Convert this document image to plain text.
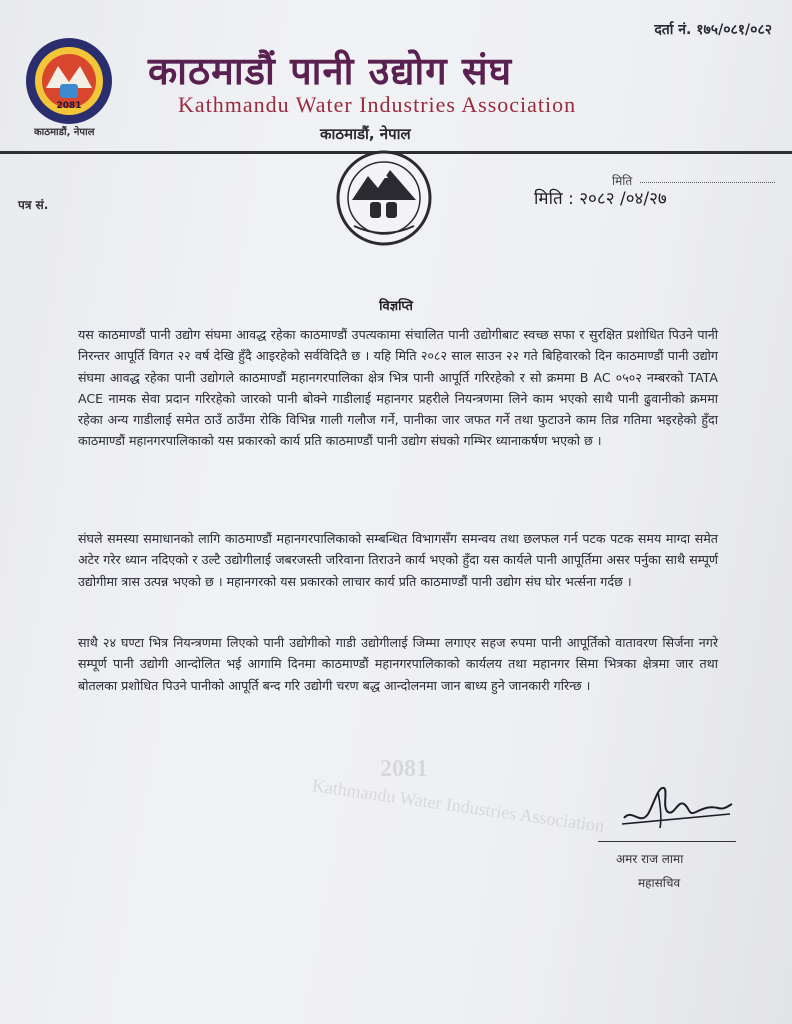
दर्ता नं. १७५/०८१/०८२
2081
काठमाडौं, नेपाल
काठमाडौं पानी उद्योग संघ
Kathmandu Water Industries Association
काठमाडौं, नेपाल
पत्र सं.
मिति
मिति : २०८२ /०४/२७
विज्ञप्ति
यस काठमाण्डौं पानी उद्योग संघमा आवद्ध रहेका काठमाण्डौं उपत्यकामा संचालित पानी उद्योगीबाट स्वच्छ सफा र सुरक्षित प्रशोधित पिउने पानी निरन्तर आपूर्ति विगत २२ वर्ष देखि हुँदै आइरहेको सर्वविदितै छ । यहि मिति २०८२ साल साउन २२ गते बिहिवारको दिन काठमाण्डौं पानी उद्योग संघमा आवद्ध रहेका पानी उद्योगले काठमाण्डौं महानगरपालिका क्षेत्र भित्र पानी आपूर्ति गरिरहेको र सो क्रममा B AC ०५०२ नम्बरको TATA ACE नामक सेवा प्रदान गरिरहेको जारको पानी बोक्ने गाडीलाई महानगर प्रहरीले नियन्त्रणमा लिने काम भएको साथै पानी ढुवानीको क्रममा रहेका अन्य गाडीलाई समेत ठाउँ ठाउँमा रोकि विभिन्न गाली गलौज गर्ने, पानीका जार जफत गर्ने तथा फुटाउने काम तिव्र गतिमा भइरहेको हुँदा काठमाण्डौं महानगरपालिकाको यस प्रकारको कार्य प्रति काठमाण्डौं पानी उद्योग संघको गम्भिर ध्यानाकर्षण भएको छ ।
संघले समस्या समाधानको लागि काठमाण्डौं महानगरपालिकाको सम्बन्धित विभागसँग समन्वय तथा छलफल गर्न पटक पटक समय माग्दा समेत अटेर गरेर ध्यान नदिएको र उल्टै उद्योगीलाई जबरजस्ती जरिवाना तिराउने कार्य भएको हुँदा यस कार्यले पानी आपूर्तिमा असर पर्नुका साथै सम्पूर्ण उद्योगीमा त्रास उत्पन्न भएको छ । महानगरको यस प्रकारको लाचार कार्य प्रति काठमाण्डौं पानी उद्योग संघ घोर भर्त्सना गर्दछ ।
साथै २४ घण्टा भित्र नियन्त्रणमा लिएको पानी उद्योगीको गाडी उद्योगीलाई जिम्मा लगाएर सहज रुपमा पानी आपूर्तिको वातावरण सिर्जना नगरे सम्पूर्ण पानी उद्योगी आन्दोलित भई आगामि दिनमा काठमाण्डौं महानगरपालिकाको कार्यलय तथा महानगर सिमा भित्रका क्षेत्रमा जार तथा बोतलका प्रशोधित पिउने पानीको आपूर्ति बन्द गरि उद्योगी चरण बद्ध आन्दोलनमा जान बाध्य हुने जानकारी गरिन्छ ।
2081
Kathmandu Water Industries Association
अमर राज लामा
महासचिव
